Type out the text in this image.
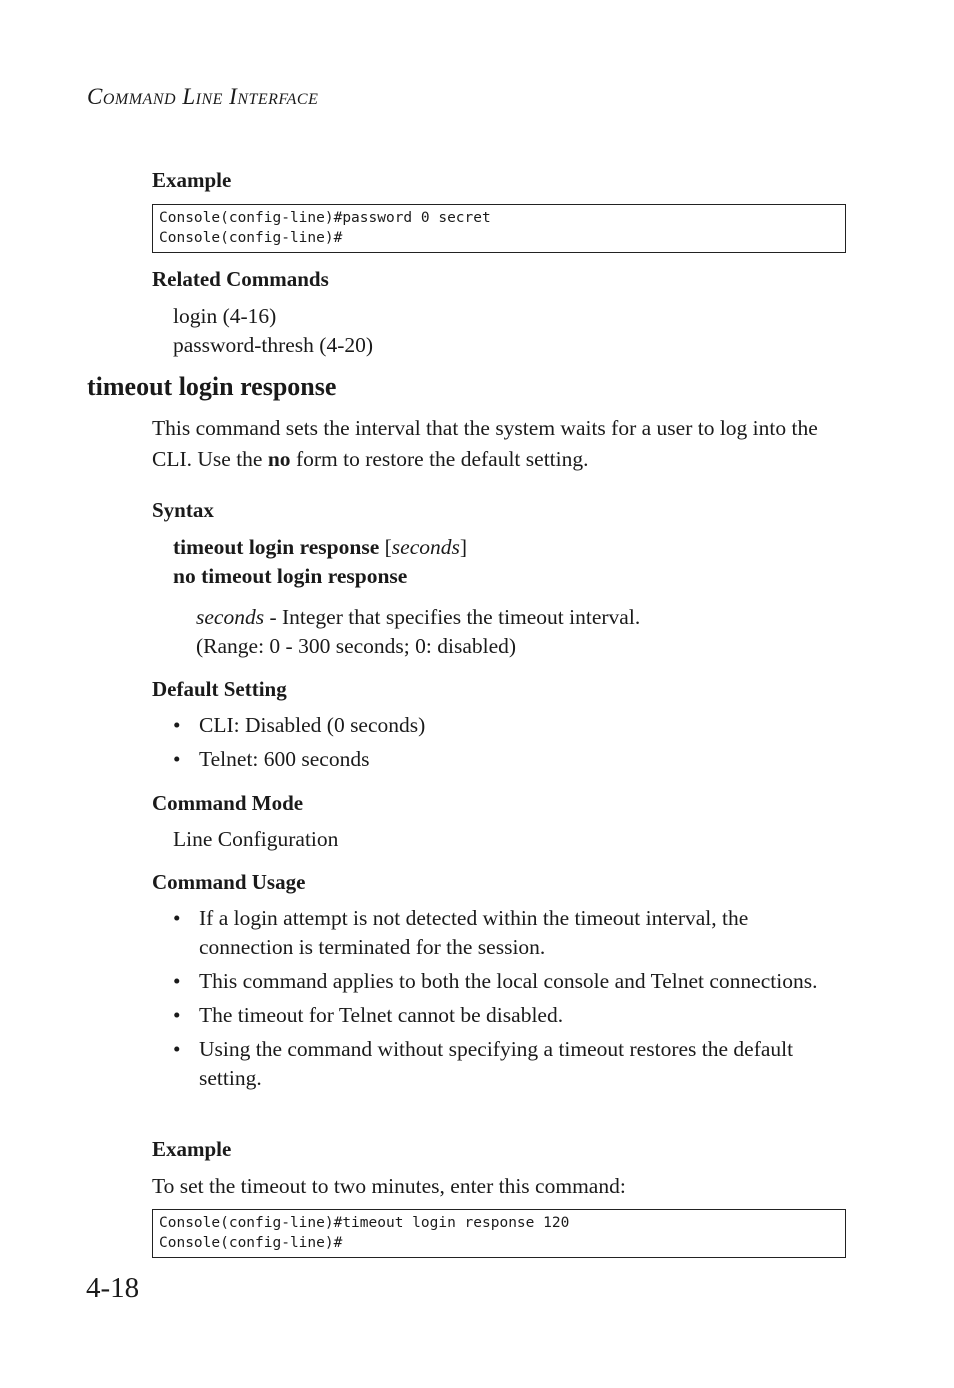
COMMAND LINE INTERFACE
Example
Console(config-line)#password 0 secret
Console(config-line)#
Related Commands
login (4-16)
password-thresh (4-20)
timeout login response
This command sets the interval that the system waits for a user to log into the CLI. Use the no form to restore the default setting.
Syntax
timeout login response [seconds]
no timeout login response
seconds - Integer that specifies the timeout interval.
(Range: 0 - 300 seconds; 0: disabled)
Default Setting
• CLI: Disabled (0 seconds)
• Telnet: 600 seconds
Command Mode
Line Configuration
Command Usage
• If a login attempt is not detected within the timeout interval, the connection is terminated for the session.
• This command applies to both the local console and Telnet connections.
• The timeout for Telnet cannot be disabled.
• Using the command without specifying a timeout restores the default setting.
Example
To set the timeout to two minutes, enter this command:
Console(config-line)#timeout login response 120
Console(config-line)#
4-18
